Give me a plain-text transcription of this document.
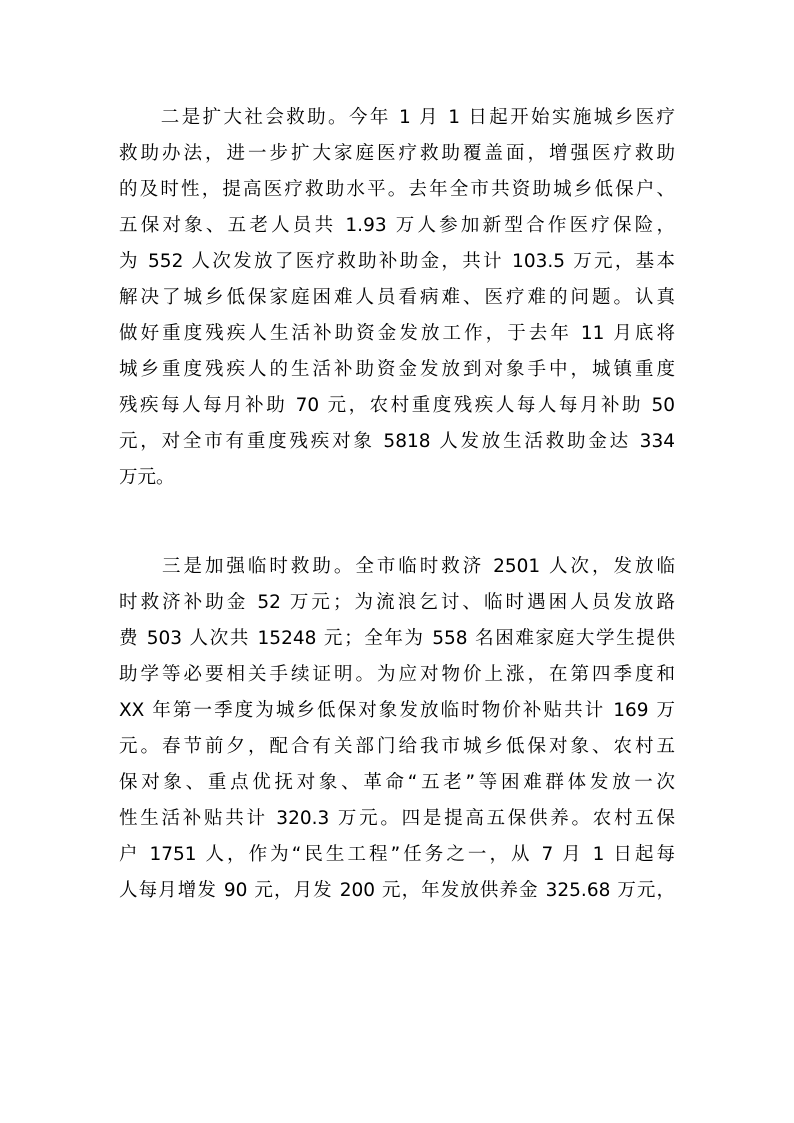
　　二是扩大社会救助。今年 1 月 1 日起开始实施城乡医疗
救助办法，进一步扩大家庭医疗救助覆盖面，增强医疗救助
的及时性，提高医疗救助水平。去年全市共资助城乡低保户、
五保对象、五老人员共 1.93 万人参加新型合作医疗保险，
为 552 人次发放了医疗救助补助金，共计 103.5 万元，基本
解决了城乡低保家庭困难人员看病难、医疗难的问题。认真
做好重度残疾人生活补助资金发放工作，于去年 11 月底将
城乡重度残疾人的生活补助资金发放到对象手中，城镇重度
残疾每人每月补助 70 元，农村重度残疾人每人每月补助 50
元，对全市有重度残疾对象 5818 人发放生活救助金达 334
万元。
　　三是加强临时救助。全市临时救济 2501 人次，发放临
时救济补助金 52 万元；为流浪乞讨、临时遇困人员发放路
费 503 人次共 15248 元；全年为 558 名困难家庭大学生提供
助学等必要相关手续证明。为应对物价上涨，在第四季度和
XX 年第一季度为城乡低保对象发放临时物价补贴共计 169 万
元。春节前夕，配合有关部门给我市城乡低保对象、农村五
保对象、重点优抚对象、革命“五老”等困难群体发放一次
性生活补贴共计 320.3 万元。四是提高五保供养。农村五保
户 1751 人，作为“民生工程”任务之一，从 7 月 1 日起每
人每月增发 90 元，月发 200 元，年发放供养金 325.68 万元，
